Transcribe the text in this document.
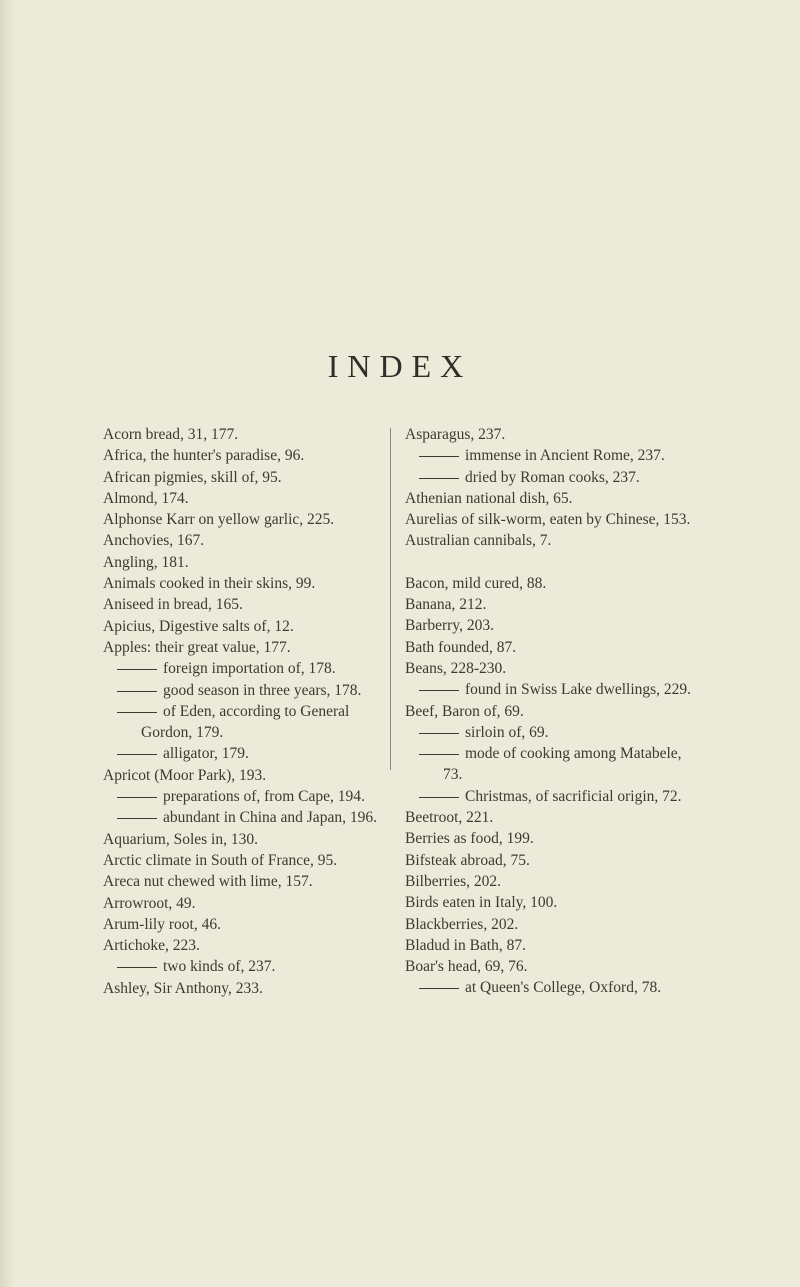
INDEX

Acorn bread, 31, 177.

Africa, the hunter's paradise, 96.

African pigmies, skill of, 95.

Almond, 174.

Alphonse Karr on yellow garlic, 225.

Anchovies, 167.

Angling, 181.

Animals cooked in their skins, 99.

Aniseed in bread, 165.

Apicius, Digestive salts of, 12.

Apples: their great value, 177.

foreign importation of, 178.

good season in three years, 178.

of Eden, according to General Gordon, 179.

alligator, 179.

Apricot (Moor Park), 193.

preparations of, from Cape, 194.

abundant in China and Japan, 196.

Aquarium, Soles in, 130.

Arctic climate in South of France, 95.

Areca nut chewed with lime, 157.

Arrowroot, 49.

Arum-lily root, 46.

Artichoke, 223.

two kinds of, 237.

Ashley, Sir Anthony, 233.

Asparagus, 237.

immense in Ancient Rome, 237.

dried by Roman cooks, 237.

Athenian national dish, 65.

Aurelias of silk-worm, eaten by Chinese, 153.

Australian cannibals, 7.

Bacon, mild cured, 88.

Banana, 212.

Barberry, 203.

Bath founded, 87.

Beans, 228-230.

found in Swiss Lake dwellings, 229.

Beef, Baron of, 69.

sirloin of, 69.

mode of cooking among Matabele, 73.

Christmas, of sacrificial origin, 72.

Beetroot, 221.

Berries as food, 199.

Bifsteak abroad, 75.

Bilberries, 202.

Birds eaten in Italy, 100.

Blackberries, 202.

Bladud in Bath, 87.

Boar's head, 69, 76.

at Queen's College, Oxford, 78.
